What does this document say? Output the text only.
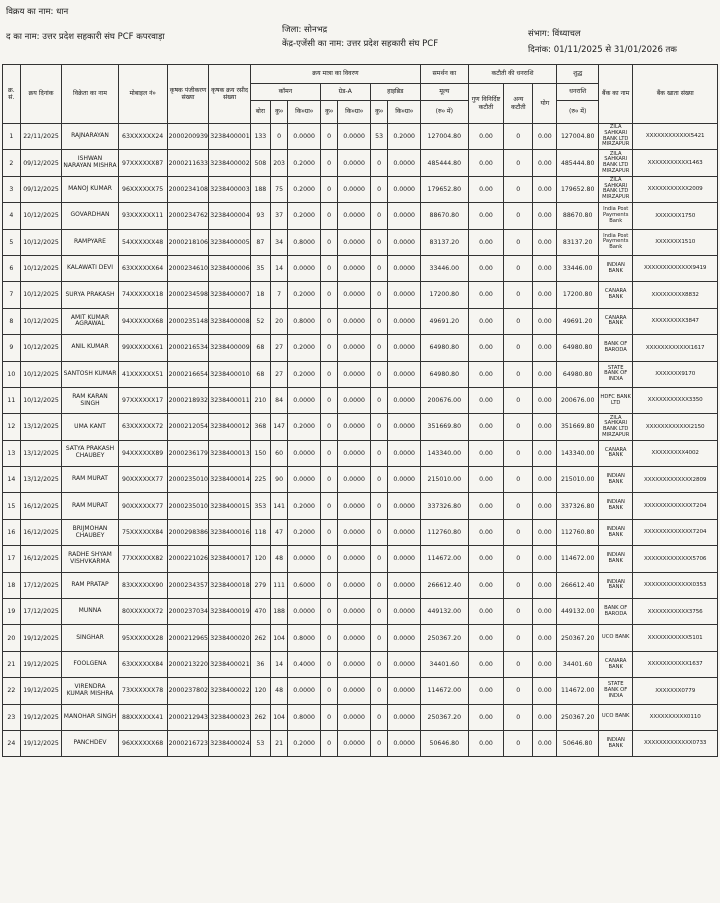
विक्रय का नाम: धान
द का नाम: उत्तर प्रदेश सहकारी संघ PCF कपरवाड़ा
जिला: सोनभद्र
केंद्र-एजेंसी का नाम: उत्तर प्रदेश सहकारी संघ PCF
संभाग: विंध्याचल
दिनांक: 01/11/2025 से 31/01/2026 तक
क्र. सं.	क्रय दिनांक	विक्रेता का नाम	मोबाइल नं०	कृषक पंजीकरण संख्या	कृषक क्रय रसीद संख्या	क्रय मात्रा का विवरण							समर्थन का	कटौती की धनराशि			शुद्ध	बैंक का नाम	बैंक खाता संख्या
						कॉमन			ग्रेड-A		हाइब्रिड		मूल्य	गुण विनिर्दिष्ट कटौती	अन्य कटौती	योग	धनराशि		
						बोरा	कु०	कि०ग्रा०	कु०	कि०ग्रा०	कु०	कि०ग्रा०	(रु० में)				(रु० में)		
1	22/11/2025	RAJNARAYAN	63XXXXXX24	2000200939	3238400001	133	0	0.0000	0	0.0000	53	0.2000	127004.80	0.00	0	0.00	127004.80	ZILA SAHKARI BANK LTD MIRZAPUR	XXXXXXXXXXXX5421
2	09/12/2025	ISHWAN NARAYAN MISHRA	97XXXXXX87	2000211633	3238400002	508	203	0.2000	0	0.0000	0	0.0000	485444.80	0.00	0	0.00	485444.80	ZILA SAHKARI BANK LTD MIRZAPUR	XXXXXXXXXXX1463
3	09/12/2025	MANOJ KUMAR	96XXXXXX75	2000234108	3238400003	188	75	0.2000	0	0.0000	0	0.0000	179652.80	0.00	0	0.00	179652.80	ZILA SAHKARI BANK LTD MIRZAPUR	XXXXXXXXXXX2009
4	10/12/2025	GOVARDHAN	93XXXXXX11	2000234762	3238400004	93	37	0.2000	0	0.0000	0	0.0000	88670.80	0.00	0	0.00	88670.80	India Post Payments Bank	XXXXXXX1750
5	10/12/2025	RAMPYARE	54XXXXXX48	2000218106	3238400005	87	34	0.8000	0	0.0000	0	0.0000	83137.20	0.00	0	0.00	83137.20	India Post Payments Bank	XXXXXXX1510
6	10/12/2025	KALAWATI DEVI	63XXXXXX64	2000234610	3238400006	35	14	0.0000	0	0.0000	0	0.0000	33446.00	0.00	0	0.00	33446.00	INDIAN BANK	XXXXXXXXXXXXX9419
7	10/12/2025	SURYA PRAKASH	74XXXXXX18	2000234598	3238400007	18	7	0.2000	0	0.0000	0	0.0000	17200.80	0.00	0	0.00	17200.80	CANARA BANK	XXXXXXXXX8832
8	10/12/2025	AMIT KUMAR AGRAWAL	94XXXXXX68	2000235148	3238400008	52	20	0.8000	0	0.0000	0	0.0000	49691.20	0.00	0	0.00	49691.20	CANARA BANK	XXXXXXXXX3847
9	10/12/2025	ANIL KUMAR	99XXXXXX61	2000216534	3238400009	68	27	0.2000	0	0.0000	0	0.0000	64980.80	0.00	0	0.00	64980.80	BANK OF BARODA	XXXXXXXXXXXX1617
10	10/12/2025	SANTOSH KUMAR	41XXXXXX51	2000216654	3238400010	68	27	0.2000	0	0.0000	0	0.0000	64980.80	0.00	0	0.00	64980.80	STATE BANK OF INDIA	XXXXXXX9170
11	10/12/2025	RAM KARAN SINGH	97XXXXXX17	2000218932	3238400011	210	84	0.0000	0	0.0000	0	0.0000	200676.00	0.00	0	0.00	200676.00	HDFC BANK LTD	XXXXXXXXXXX3350
12	13/12/2025	UMA KANT	63XXXXXX72	2000212054	3238400012	368	147	0.2000	0	0.0000	0	0.0000	351669.80	0.00	0	0.00	351669.80	ZILA SAHKARI BANK LTD MIRZAPUR	XXXXXXXXXXXX2150
13	13/12/2025	SATYA PRAKASH CHAUBEY	94XXXXXX89	2000236179	3238400013	150	60	0.0000	0	0.0000	0	0.0000	143340.00	0.00	0	0.00	143340.00	CANARA BANK	XXXXXXXXX4002
14	13/12/2025	RAM MURAT	90XXXXXX77	2000235010	3238400014	225	90	0.0000	0	0.0000	0	0.0000	215010.00	0.00	0	0.00	215010.00	INDIAN BANK	XXXXXXXXXXXXX2809
15	16/12/2025	RAM MURAT	90XXXXXX77	2000235010	3238400015	353	141	0.2000	0	0.0000	0	0.0000	337326.80	0.00	0	0.00	337326.80	INDIAN BANK	XXXXXXXXXXXXX7204
16	16/12/2025	BRIJMOHAN CHAUBEY	75XXXXXX84	2000298386	3238400016	118	47	0.2000	0	0.0000	0	0.0000	112760.80	0.00	0	0.00	112760.80	INDIAN BANK	XXXXXXXXXXXXX7204
17	16/12/2025	RADHE SHYAM VISHVKARMA	77XXXXXX82	2000221026	3238400017	120	48	0.0000	0	0.0000	0	0.0000	114672.00	0.00	0	0.00	114672.00	INDIAN BANK	XXXXXXXXXXXXX5706
18	17/12/2025	RAM PRATAP	83XXXXXX90	2000234357	3238400018	279	111	0.6000	0	0.0000	0	0.0000	266612.40	0.00	0	0.00	266612.40	INDIAN BANK	XXXXXXXXXXXXX0353
19	17/12/2025	MUNNA	80XXXXXX72	2000237034	3238400019	470	188	0.0000	0	0.0000	0	0.0000	449132.00	0.00	0	0.00	449132.00	BANK OF BARODA	XXXXXXXXXXX3756
20	19/12/2025	SINGHAR	95XXXXXX28	2000212965	3238400020	262	104	0.8000	0	0.0000	0	0.0000	250367.20	0.00	0	0.00	250367.20	UCO BANK	XXXXXXXXXXX5101
21	19/12/2025	FOOLGENA	63XXXXXX84	2000213220	3238400021	36	14	0.4000	0	0.0000	0	0.0000	34401.60	0.00	0	0.00	34401.60	CANARA BANK	XXXXXXXXXXX1637
22	19/12/2025	VIRENDRA KUMAR MISHRA	73XXXXXX78	2000237802	3238400022	120	48	0.0000	0	0.0000	0	0.0000	114672.00	0.00	0	0.00	114672.00	STATE BANK OF INDIA	XXXXXXX0779
23	19/12/2025	MANOHAR SINGH	88XXXXXX41	2000212943	3238400023	262	104	0.8000	0	0.0000	0	0.0000	250367.20	0.00	0	0.00	250367.20	UCO BANK	XXXXXXXXXX0110
24	19/12/2025	PANCHDEV	96XXXXXX68	2000216723	3238400024	53	21	0.2000	0	0.0000	0	0.0000	50646.80	0.00	0	0.00	50646.80	INDIAN BANK	XXXXXXXXXXXXX0733
